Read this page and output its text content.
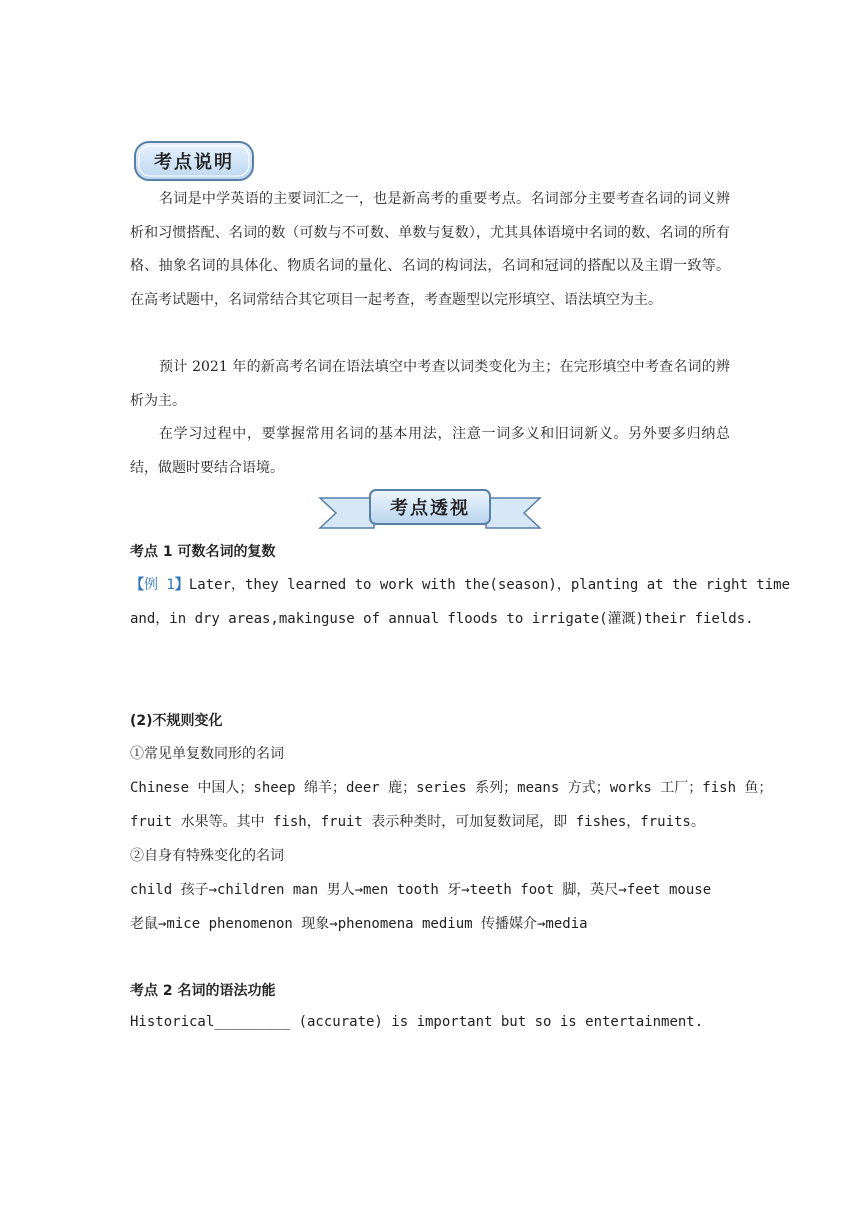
考点说明

名词是中学英语的主要词汇之一，也是新高考的重要考点。名词部分主要考查名词的词义辨析和习惯搭配、名词的数（可数与不可数、单数与复数），尤其具体语境中名词的数、名词的所有格、抽象名词的具体化、物质名词的量化、名词的构词法，名词和冠词的搭配以及主谓一致等。在高考试题中，名词常结合其它项目一起考查，考查题型以完形填空、语法填空为主。

预计 2021 年的新高考名词在语法填空中考查以词类变化为主；在完形填空中考查名词的辨析为主。

在学习过程中，要掌握常用名词的基本用法，注意一词多义和旧词新义。另外要多归纳总结，做题时要结合语境。

考点透视

考点 1 可数名词的复数

【例 1】Later，they learned to work with the(season)，planting at the right time

and，in dry areas,makinguse of annual floods to irrigate(灌溉)their fields.

(2)不规则变化

①常见单复数同形的名词

Chinese 中国人；sheep 绵羊；deer 鹿；series 系列；means 方式；works 工厂；fish 鱼；

fruit 水果等。其中 fish，fruit 表示种类时，可加复数词尾，即 fishes，fruits。

②自身有特殊变化的名词

child 孩子→children man 男人→men tooth 牙→teeth foot 脚，英尺→feet mouse

老鼠→mice phenomenon 现象→phenomena medium 传播媒介→media

考点 2 名词的语法功能

Historical_________ (accurate) is important but so is entertainment.
